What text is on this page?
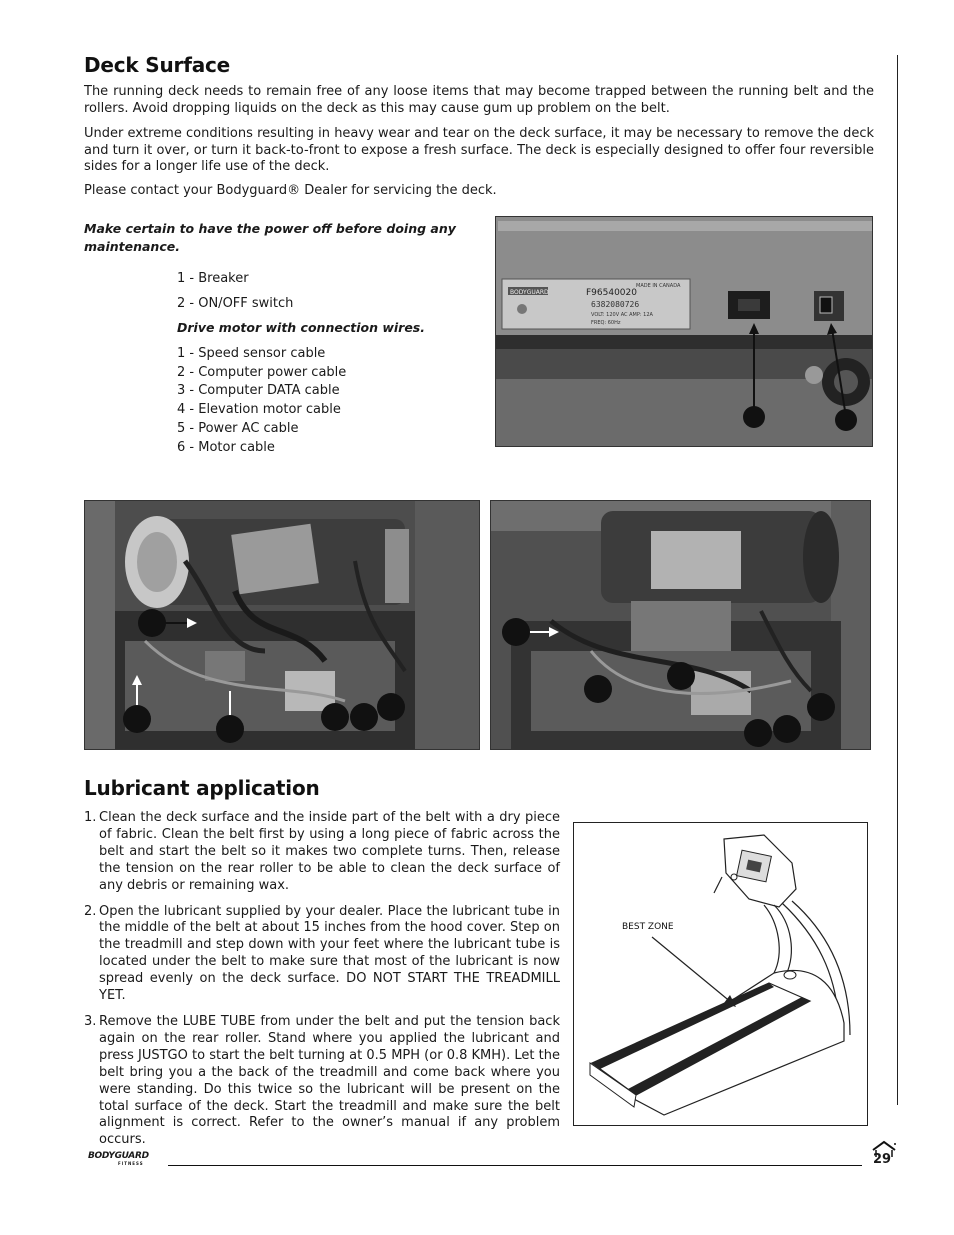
Deck Surface

The running deck needs to remain free of any loose items that may become trapped between the running belt and the rollers. Avoid dropping liquids on the deck as this may cause gum up problem on the belt.

Under extreme conditions resulting in heavy wear and tear on the deck surface, it may be necessary to remove the deck and turn it over, or turn it back-to-front to expose a fresh surface. The deck is especially designed to offer four reversible sides for a longer life use of the deck.

Please contact your Bodyguard® Dealer for servicing the deck.

Make certain to have the power off before doing any maintenance.

1 - Breaker
2 - ON/OFF switch
Drive motor with connection wires.
1 - Speed sensor cable
2 - Computer power cable
3 - Computer DATA cable
4 - Elevation motor cable
5 - Power AC cable
6 - Motor cable
BODYGUARD	F96540020
6382080726
MADE IN CANADA
VOLT: 120V AC AMP: 12A
FREQ: 60Hz
Lubricant application
1. Clean the deck surface and the inside part of the belt with a dry piece of fabric. Clean the belt first by using a long piece of fabric across the belt and start the belt so it makes two complete turns. Then, release the tension on the rear roller to be able to clean the deck surface of any debris or remaining wax.
2. Open the lubricant supplied by your dealer. Place the lubricant tube in the middle of the belt at about 15 inches from the hood cover. Step on the treadmill and step down with your feet where the lubricant tube is located under the belt to make sure that most of the lubricant is now spread evenly on the deck surface. DO NOT START THE TREADMILL YET.
3. Remove the LUBE TUBE from under the belt and put the tension back again on the rear roller. Stand where you applied the lubricant and press JUSTGO to start the belt turning at 0.5 MPH (or 0.8 KMH). Let the belt bring you a the back of the treadmill and come back where you were standing. Do this twice so the lubricant will be present on the total surface of the deck. Start the treadmill and make sure the belt alignment is correct. Refer to the owner’s manual if any problem occurs.
BEST ZONE
BODYGUARD
FITNESS	29
